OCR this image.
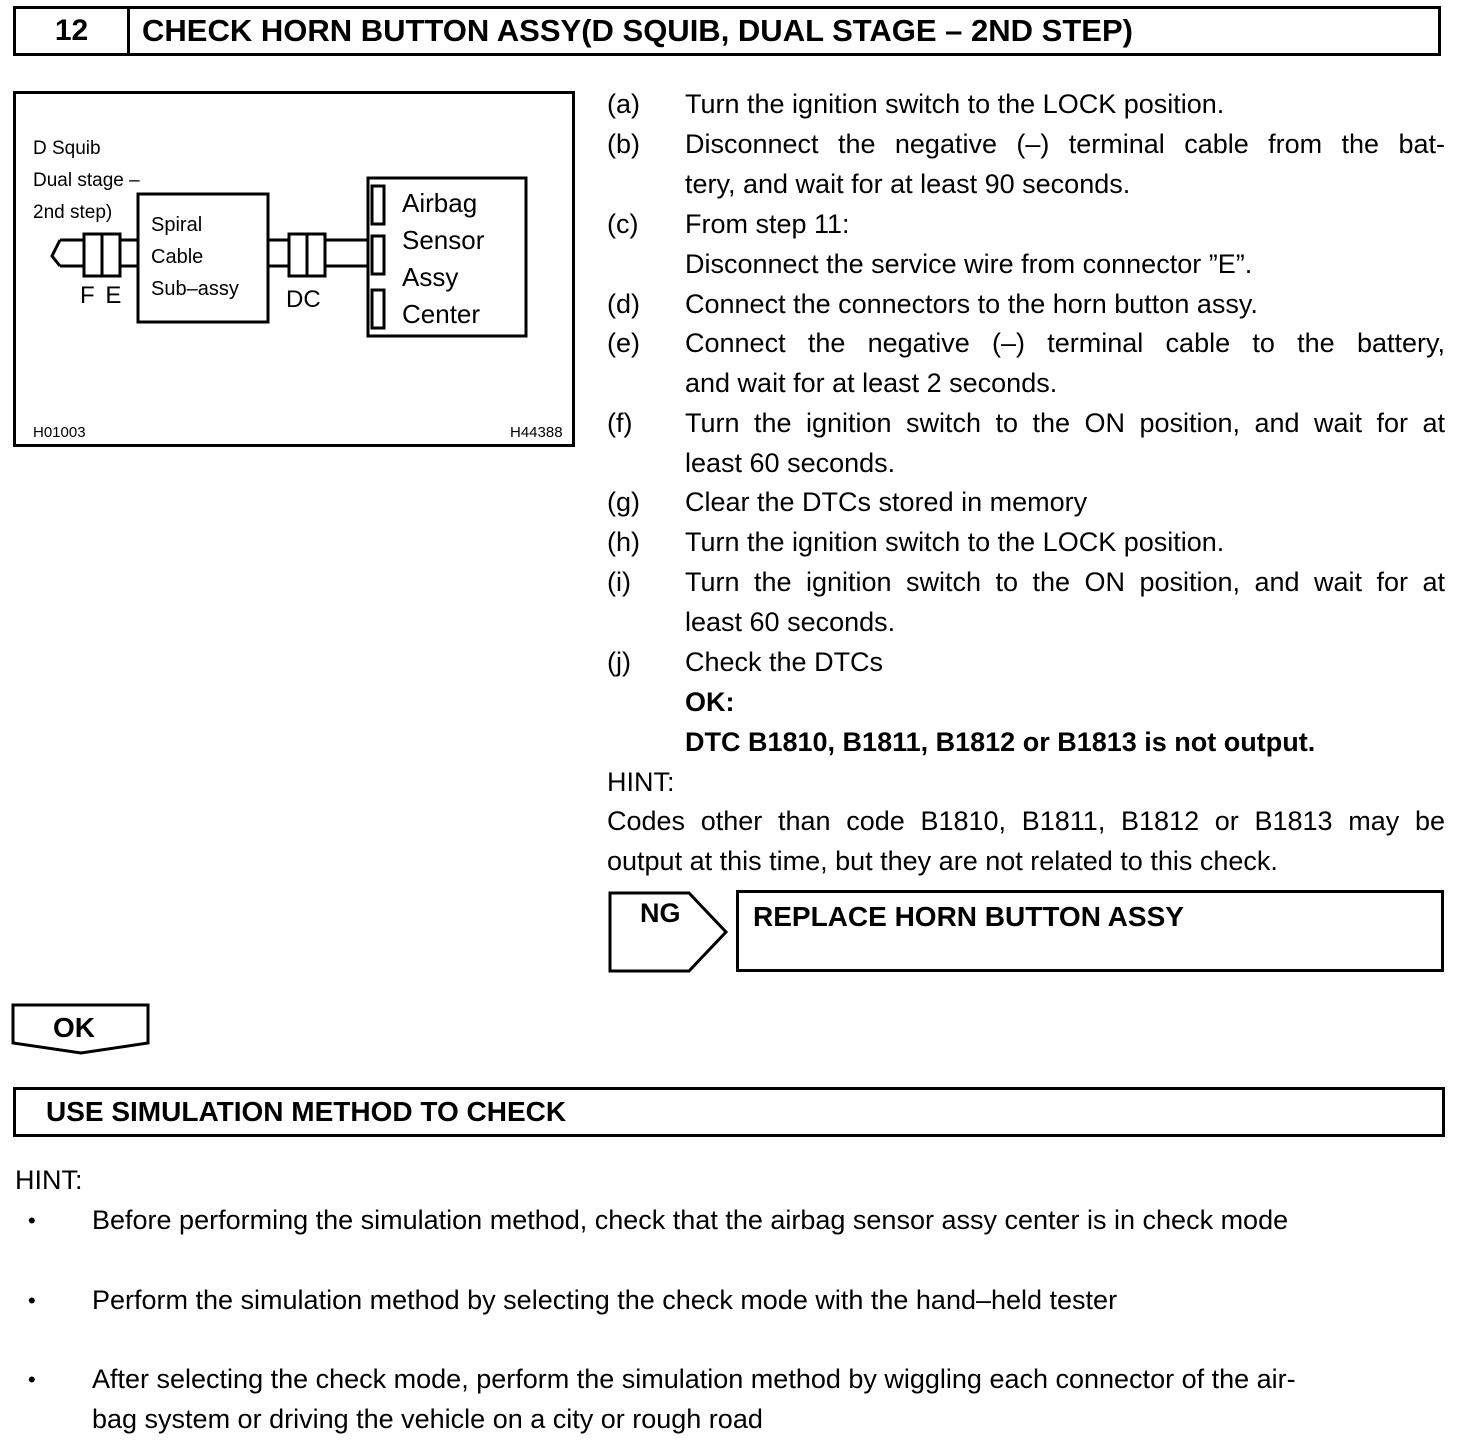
12	CHECK HORN BUTTON ASSY(D SQUIB, DUAL STAGE – 2ND STEP)
D Squib
Dual stage –
2nd step)
Spiral
Cable
Sub–assy
F E	DC
Airbag
Sensor
Assy
Center
H01003	H44388
(a) Turn the ignition switch to the LOCK position.
(b) Disconnect the negative (–) terminal cable from the bat-
tery, and wait for at least 90 seconds.
(c) From step 11:
Disconnect the service wire from connector ”E”.
(d) Connect the connectors to the horn button assy.
(e) Connect the negative (–) terminal cable to the battery,
and wait for at least 2 seconds.
(f) Turn the ignition switch to the ON position, and wait for at
least 60 seconds.
(g) Clear the DTCs stored in memory
(h) Turn the ignition switch to the LOCK position.
(i) Turn the ignition switch to the ON position, and wait for at
least 60 seconds.
(j) Check the DTCs
OK:
DTC B1810, B1811, B1812 or B1813 is not output.
HINT:
Codes other than code B1810, B1811, B1812 or B1813 may be
output at this time, but they are not related to this check.
NG	REPLACE HORN BUTTON ASSY
OK
USE SIMULATION METHOD TO CHECK
HINT:
• Before performing the simulation method, check that the airbag sensor assy center is in check mode
• Perform the simulation method by selecting the check mode with the hand–held tester
• After selecting the check mode, perform the simulation method by wiggling each connector of the air-
bag system or driving the vehicle on a city or rough road
